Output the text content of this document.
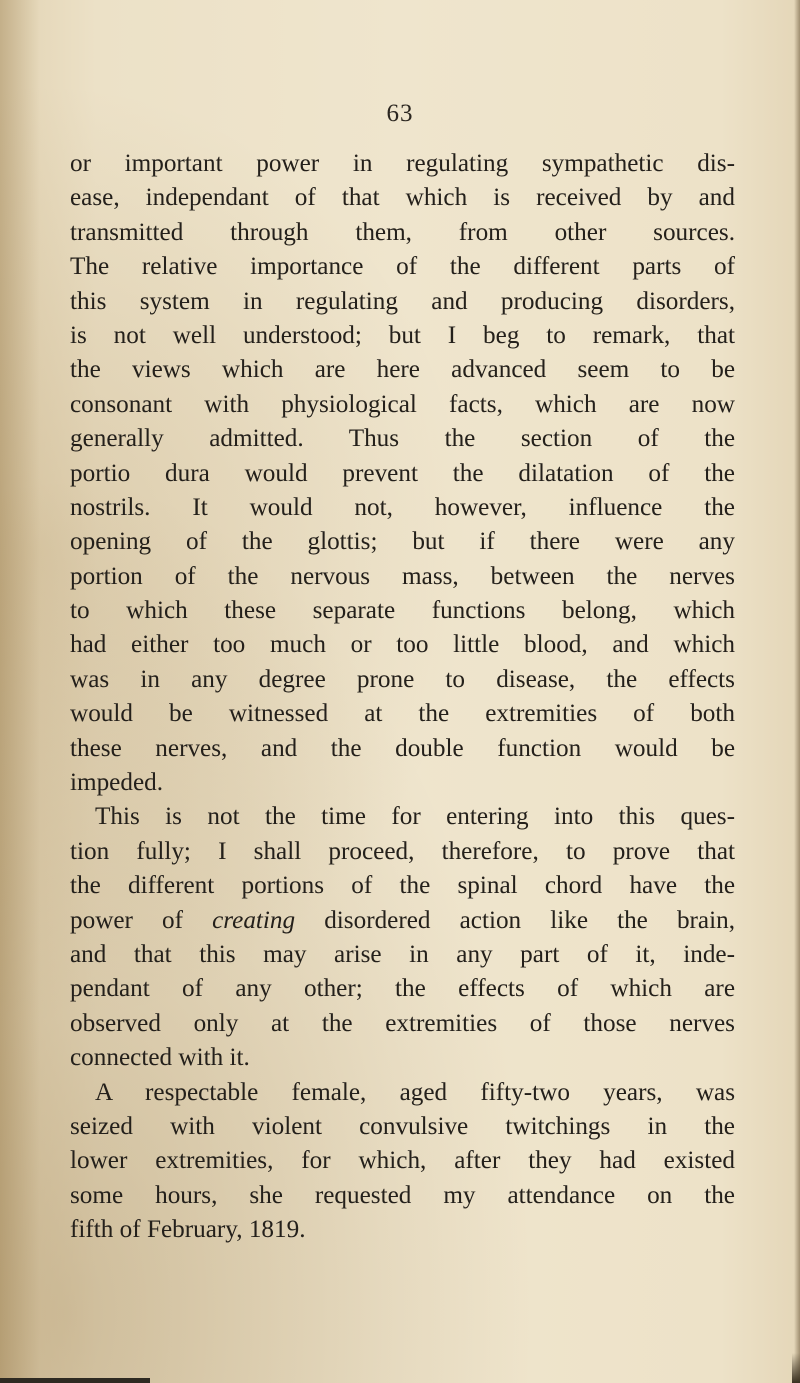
63
or important power in regulating sympathetic dis-
ease, independant of that which is received by and
transmitted through them, from other sources.
The relative importance of the different parts of
this system in regulating and producing disorders,
is not well understood; but I beg to remark, that
the views which are here advanced seem to be
consonant with physiological facts, which are now
generally admitted. Thus the section of the
portio dura would prevent the dilatation of the
nostrils. It would not, however, influence the
opening of the glottis; but if there were any
portion of the nervous mass, between the nerves
to which these separate functions belong, which
had either too much or too little blood, and which
was in any degree prone to disease, the effects
would be witnessed at the extremities of both
these nerves, and the double function would be
impeded.
This is not the time for entering into this ques-
tion fully; I shall proceed, therefore, to prove that
the different portions of the spinal chord have the
power of creating disordered action like the brain,
and that this may arise in any part of it, inde-
pendant of any other; the effects of which are
observed only at the extremities of those nerves
connected with it.
A respectable female, aged fifty-two years, was
seized with violent convulsive twitchings in the
lower extremities, for which, after they had existed
some hours, she requested my attendance on the
fifth of February, 1819.
